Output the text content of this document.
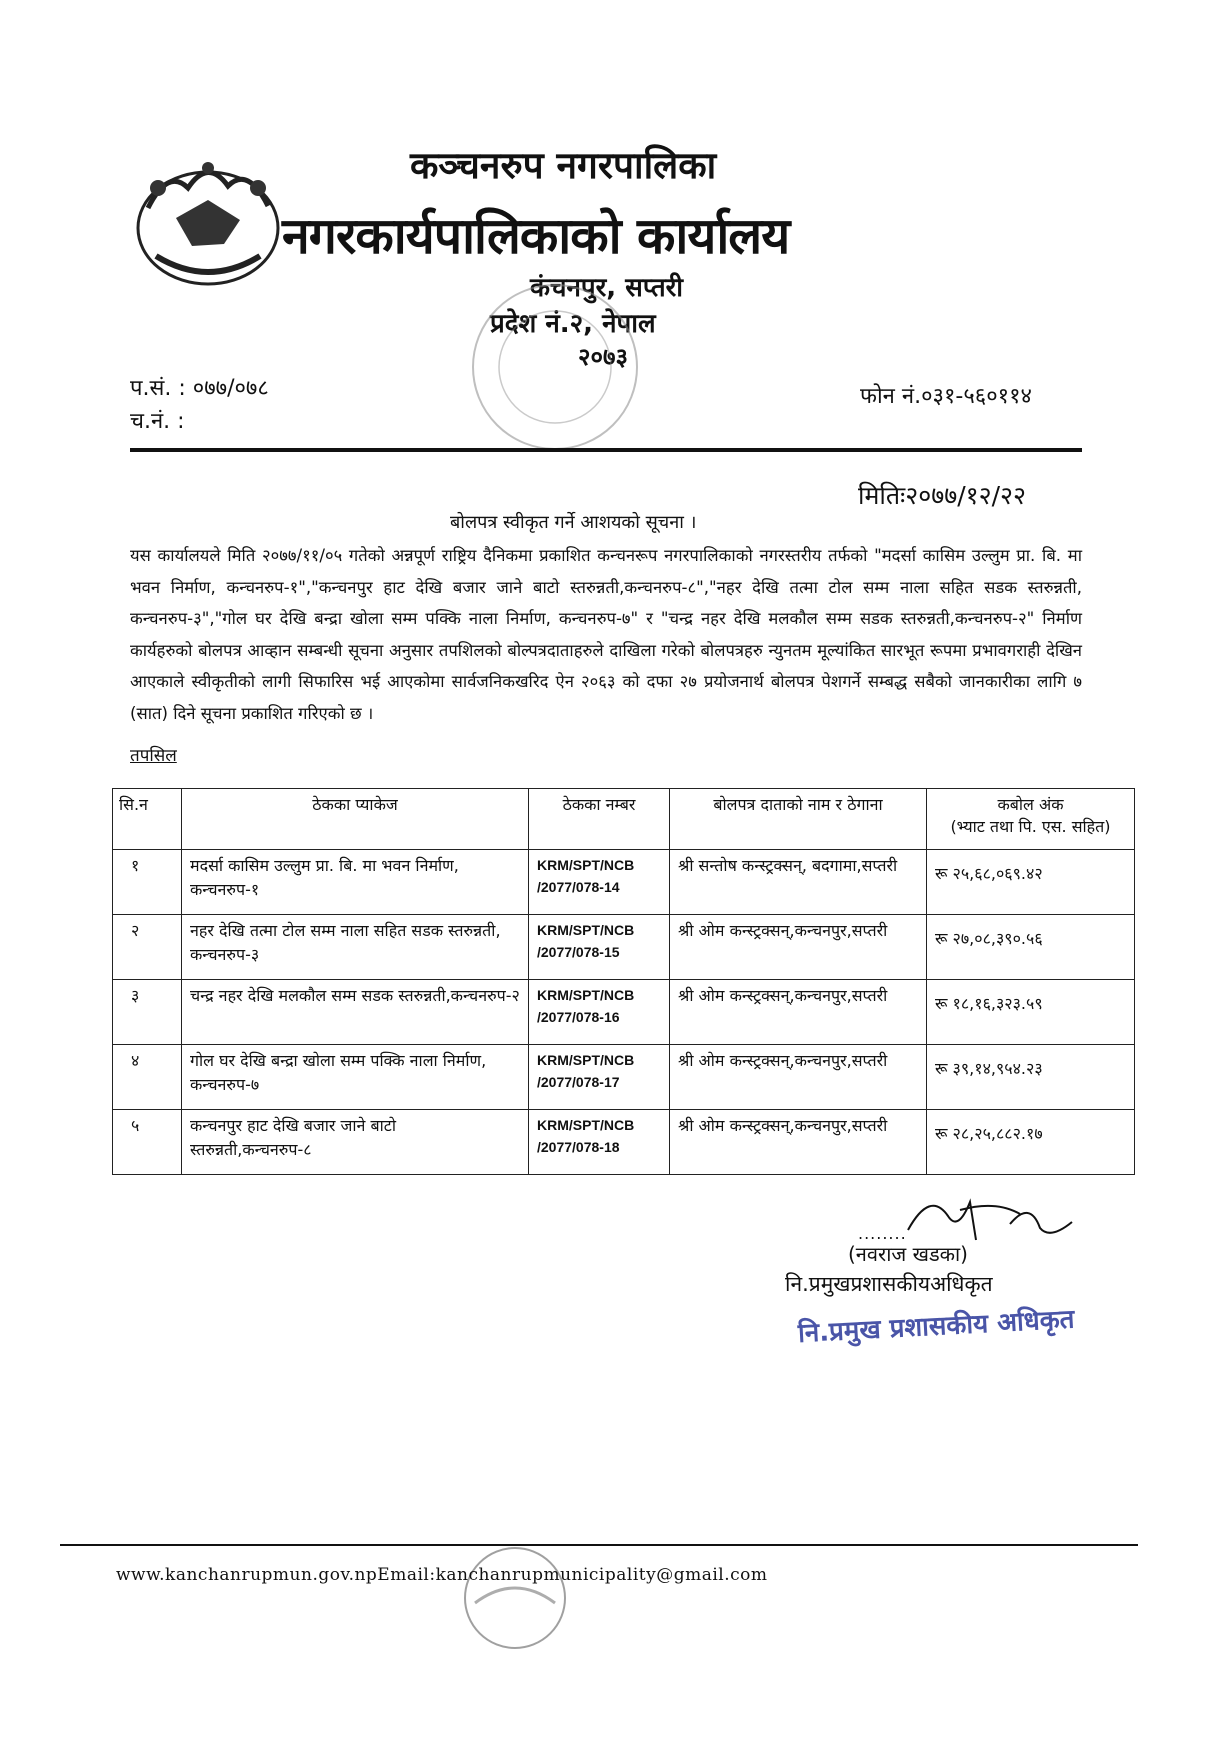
कञ्चनरुप नगरपालिका
नगरकार्यपालिकाको कार्यालय
कंचनपुर, सप्तरी
प्रदेश नं.२, नेपाल
२०७३
प.सं. : ०७७/०७८
च.नं. :
फोन नं.०३१-५६०११४
मितिः२०७७/१२/२२
बोलपत्र स्वीकृत गर्ने आशयको सूचना ।
यस कार्यालयले मिति २०७७/११/०५ गतेको अन्नपूर्ण राष्ट्रिय दैनिकमा प्रकाशित कन्चनरूप नगरपालिकाको नगरस्तरीय तर्फको "मदर्सा कासिम उल्लुम प्रा. बि. मा भवन निर्माण, कन्चनरुप-१","कन्चनपुर हाट देखि बजार जाने बाटो स्तरुन्नती,कन्चनरुप-८","नहर देखि तत्मा टोल सम्म नाला सहित सडक स्तरुन्नती, कन्चनरुप-३","गोल घर देखि बन्द्रा खोला सम्म पक्कि नाला निर्माण, कन्चनरुप-७" र "चन्द्र नहर देखि मलकौल सम्म सडक स्तरुन्नती,कन्चनरुप-२" निर्माण कार्यहरुको बोलपत्र आव्हान सम्बन्धी सूचना अनुसार तपशिलको बोल्पत्रदाताहरुले दाखिला गरेको बोलपत्रहरु न्युनतम मूल्यांकित सारभूत रूपमा प्रभावगराही देखिन आएकाले स्वीकृतीको लागी सिफारिस भई आएकोमा सार्वजनिकखरिद ऐन २०६३ को दफा २७ प्रयोजनार्थ बोलपत्र पेशगर्ने सम्बद्ध सबैको जानकारीका लागि ७ (सात) दिने सूचना प्रकाशित गरिएको छ ।
तपसिल
सि.न	ठेकका प्याकेज	ठेकका नम्बर	बोलपत्र दाताको नाम र ठेगाना	कबोल अंक
(भ्याट तथा पि. एस. सहित)

१	मदर्सा कासिम उल्लुम प्रा. बि. मा भवन निर्माण, कन्चनरुप-१	KRM/SPT/NCB /2077/078-14	श्री सन्तोष कन्स्ट्रक्सन्, बदगामा,सप्तरी	रू २५,६८,०६९.४२
२	नहर देखि तत्मा टोल सम्म नाला सहित सडक स्तरुन्नती, कन्चनरुप-३	KRM/SPT/NCB /2077/078-15	श्री ओम कन्स्ट्रक्सन्,कन्चनपुर,सप्तरी	रू २७,०८,३९०.५६
३	चन्द्र नहर देखि मलकौल सम्म सडक स्तरुन्नती,कन्चनरुप-२	KRM/SPT/NCB /2077/078-16	श्री ओम कन्स्ट्रक्सन्,कन्चनपुर,सप्तरी	रू १८,१६,३२३.५९
४	गोल घर देखि बन्द्रा खोला सम्म पक्कि नाला निर्माण, कन्चनरुप-७	KRM/SPT/NCB /2077/078-17	श्री ओम कन्स्ट्रक्सन्,कन्चनपुर,सप्तरी	रू ३९,१४,९५४.२३
५	कन्चनपुर हाट देखि बजार जाने बाटो स्तरुन्नती,कन्चनरुप-८	KRM/SPT/NCB /2077/078-18	श्री ओम कन्स्ट्रक्सन्,कन्चनपुर,सप्तरी	रू २८,२५,८८२.१७
........
(नवराज खडका)
नि.प्रमुखप्रशासकीयअधिकृत
नि.प्रमुख प्रशासकीय अधिकृत
www.kanchanrupmun.gov.npEmail:kanchanrupmunicipality@gmail.com
